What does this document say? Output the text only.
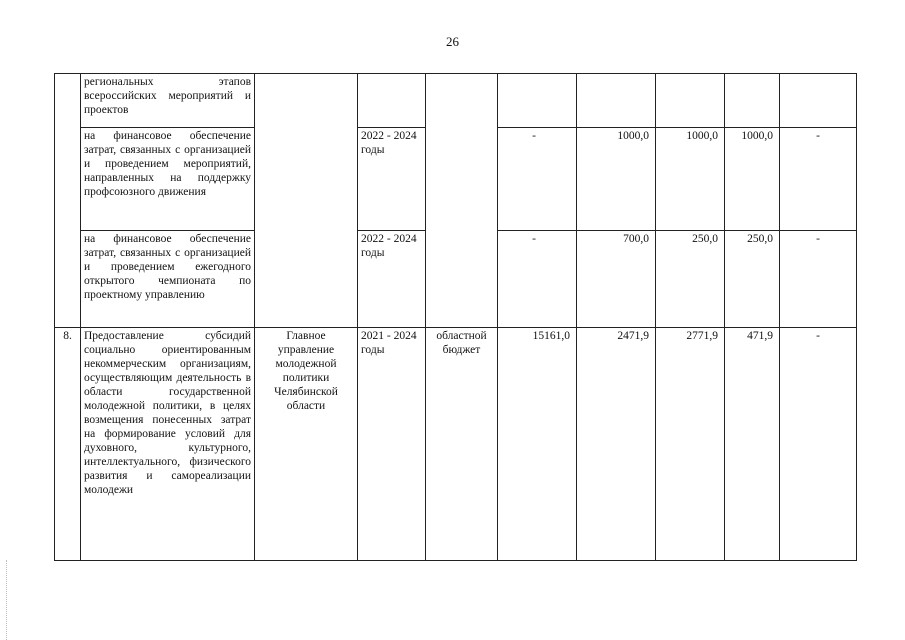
26
	региональных этапов всероссийских мероприятий и проектов								
	на финансовое обеспечение затрат, связанных с организацией и проведением мероприятий, направленных на поддержку профсоюзного движения		2022 - 2024 годы		-	1000,0	1000,0	1000,0	-
	на финансовое обеспечение затрат, связанных с организацией и проведением ежегодного открытого чемпионата по проектному управлению		2022 - 2024 годы		-	700,0	250,0	250,0	-
8.	Предоставление субсидий социально ориентированным некоммерческим организациям, осуществляющим деятельность в области государственной молодежной политики, в целях возмещения понесенных затрат на формирование условий для духовного, культурного, интеллектуального, физического развития и самореализации молодежи	Главное управление молодежной политики Челябинской области	2021 - 2024 годы	областной бюджет	15161,0	2471,9	2771,9	471,9	-
